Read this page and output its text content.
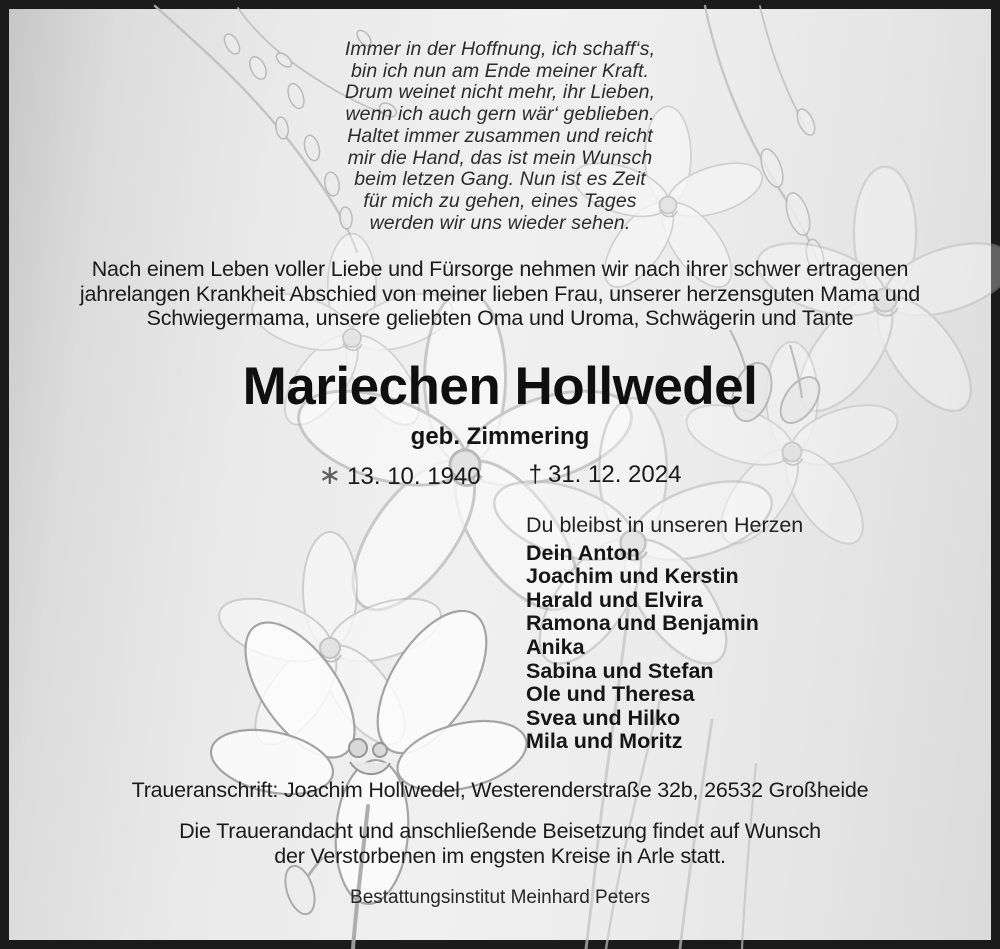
Immer in der Hoffnung, ich schaff‘s,
bin ich nun am Ende meiner Kraft.
Drum weinet nicht mehr, ihr Lieben,
wenn ich auch gern wär‘ geblieben.
Haltet immer zusammen und reicht
mir die Hand, das ist mein Wunsch
beim letzen Gang. Nun ist es Zeit
für mich zu gehen, eines Tages
werden wir uns wieder sehen.
Nach einem Leben voller Liebe und Fürsorge nehmen wir nach ihrer schwer ertragenen
jahrelangen Krankheit Abschied von meiner lieben Frau, unserer herzensguten Mama und
Schwiegermama, unsere geliebten Oma und Uroma, Schwägerin und Tante
Mariechen Hollwedel
geb. Zimmering
∗ 13. 10. 1940 † 31. 12. 2024
Du bleibst in unseren Herzen
Dein Anton
Joachim und Kerstin
Harald und Elvira
Ramona und Benjamin
Anika
Sabina und Stefan
Ole und Theresa
Svea und Hilko
Mila und Moritz
Traueranschrift: Joachim Hollwedel, Westerenderstraße 32b, 26532 Großheide
Die Trauerandacht und anschließende Beisetzung findet auf Wunsch
der Verstorbenen im engsten Kreise in Arle statt.
Bestattungsinstitut Meinhard Peters
